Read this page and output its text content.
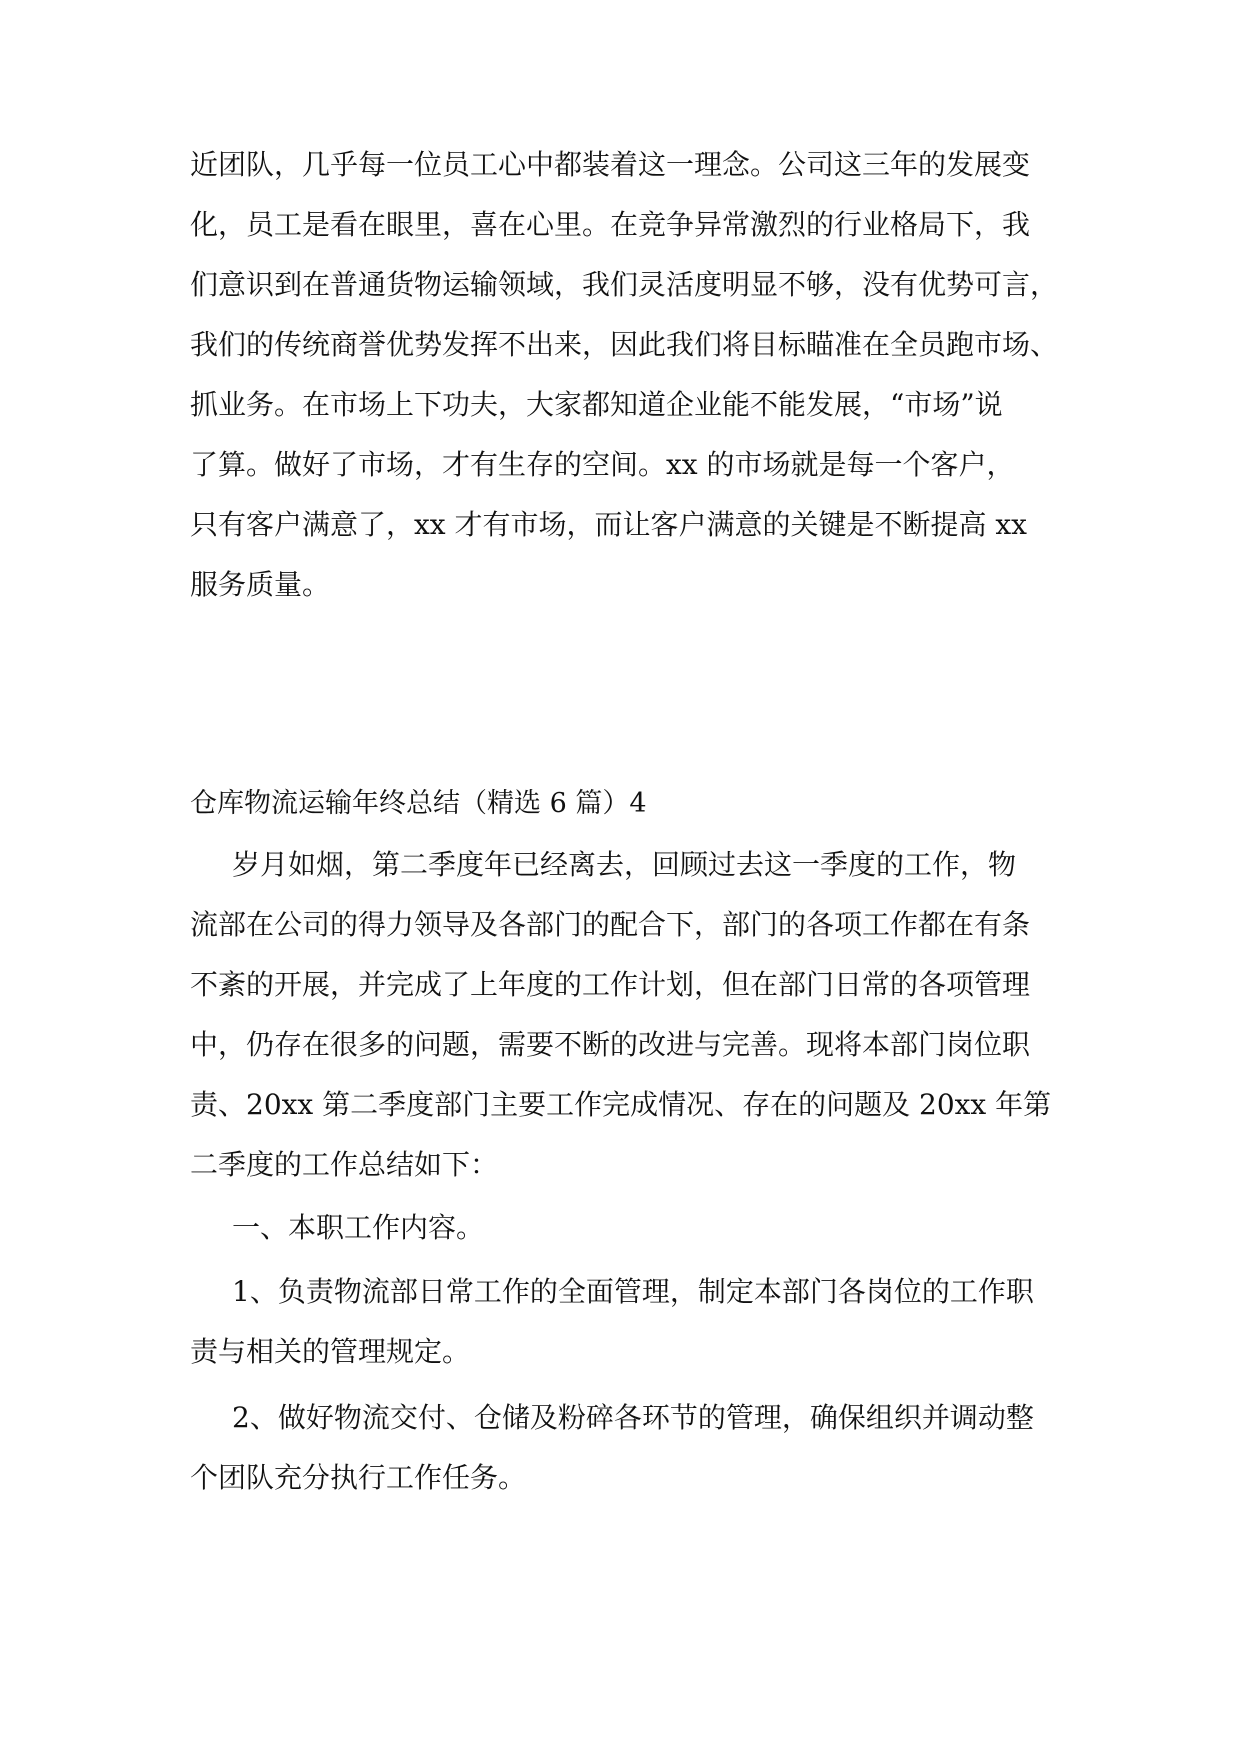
近团队，几乎每一位员工心中都装着这一理念。公司这三年的发展变
化，员工是看在眼里，喜在心里。在竞争异常激烈的行业格局下，我
们意识到在普通货物运输领域，我们灵活度明显不够，没有优势可言，
我们的传统商誉优势发挥不出来，因此我们将目标瞄准在全员跑市场、
抓业务。在市场上下功夫，大家都知道企业能不能发展，“市场”说
了算。做好了市场，才有生存的空间。xx 的市场就是每一个客户，
只有客户满意了，xx 才有市场，而让客户满意的关键是不断提高 xx
服务质量。
仓库物流运输年终总结（精选 6 篇）4
岁月如烟，第二季度年已经离去，回顾过去这一季度的工作，物
流部在公司的得力领导及各部门的配合下，部门的各项工作都在有条
不紊的开展，并完成了上年度的工作计划，但在部门日常的各项管理
中，仍存在很多的问题，需要不断的改进与完善。现将本部门岗位职
责、20xx 第二季度部门主要工作完成情况、存在的问题及 20xx 年第
二季度的工作总结如下：
一、本职工作内容。
1、负责物流部日常工作的全面管理，制定本部门各岗位的工作职
责与相关的管理规定。
2、做好物流交付、仓储及粉碎各环节的管理，确保组织并调动整
个团队充分执行工作任务。
